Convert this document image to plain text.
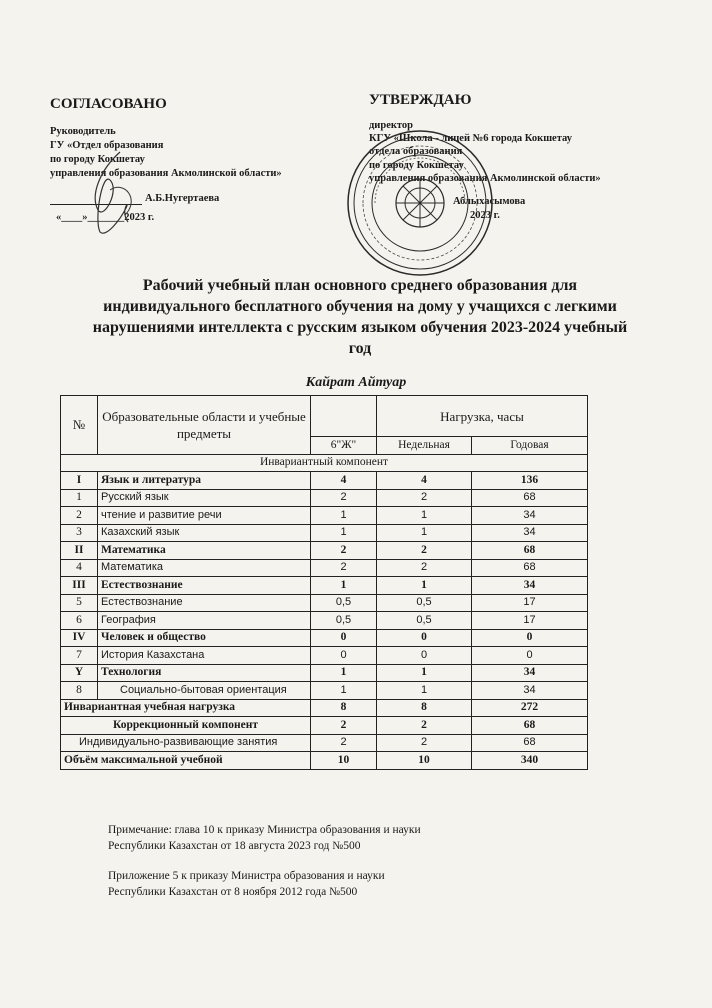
СОГЛАСОВАНО
Руководитель
ГУ «Отдел образования
по городу Кокшетау
управления образования Акмолинской области»
А.Б.Нугертаева
«____»_______2023 г.
УТВЕРЖДАЮ
директор
КГУ «Школа - лицей №6 города Кокшетау
отдела образования
по городу Кокшетау
управления образования Акмолинской области»
Аблыхасымова
2023 г.
Рабочий учебный план основного среднего образования для индивидуального бесплатного обучения на дому у учащихся с легкими нарушениями интеллекта с русским языком обучения 2023-2024 учебный год
Кайрат Айтуар
№	Образовательные области и учебные предметы		Нагрузка, часы	
		6"Ж"	Недельная	Годовая
Инвариантный компонент				
I	Язык и литература	4	4	136
1	Русский язык	2	2	68
2	чтение и развитие речи	1	1	34
3	Казахский язык	1	1	34
II	Математика	2	2	68
4	Математика	2	2	68
III	Естествознание	1	1	34
5	Естествознание	0,5	0,5	17
6	География	0,5	0,5	17
IV	Человек и общество	0	0	0
7	История Казахстана	0	0	0
Y	Технология	1	1	34
8	Социально-бытовая ориентация	1	1	34
Инвариантная учебная нагрузка		8	8	272
Коррекционный компонент		2	2	68
Индивидуально-развивающие занятия		2	2	68
Объём максимальной учебной		10	10	340
Примечание: глава 10 к приказу Министра образования и науки
Республики Казахстан от 18 августа 2023 год №500
Приложение 5 к приказу Министра образования и науки
Республики Казахстан от 8 ноября 2012 года №500
